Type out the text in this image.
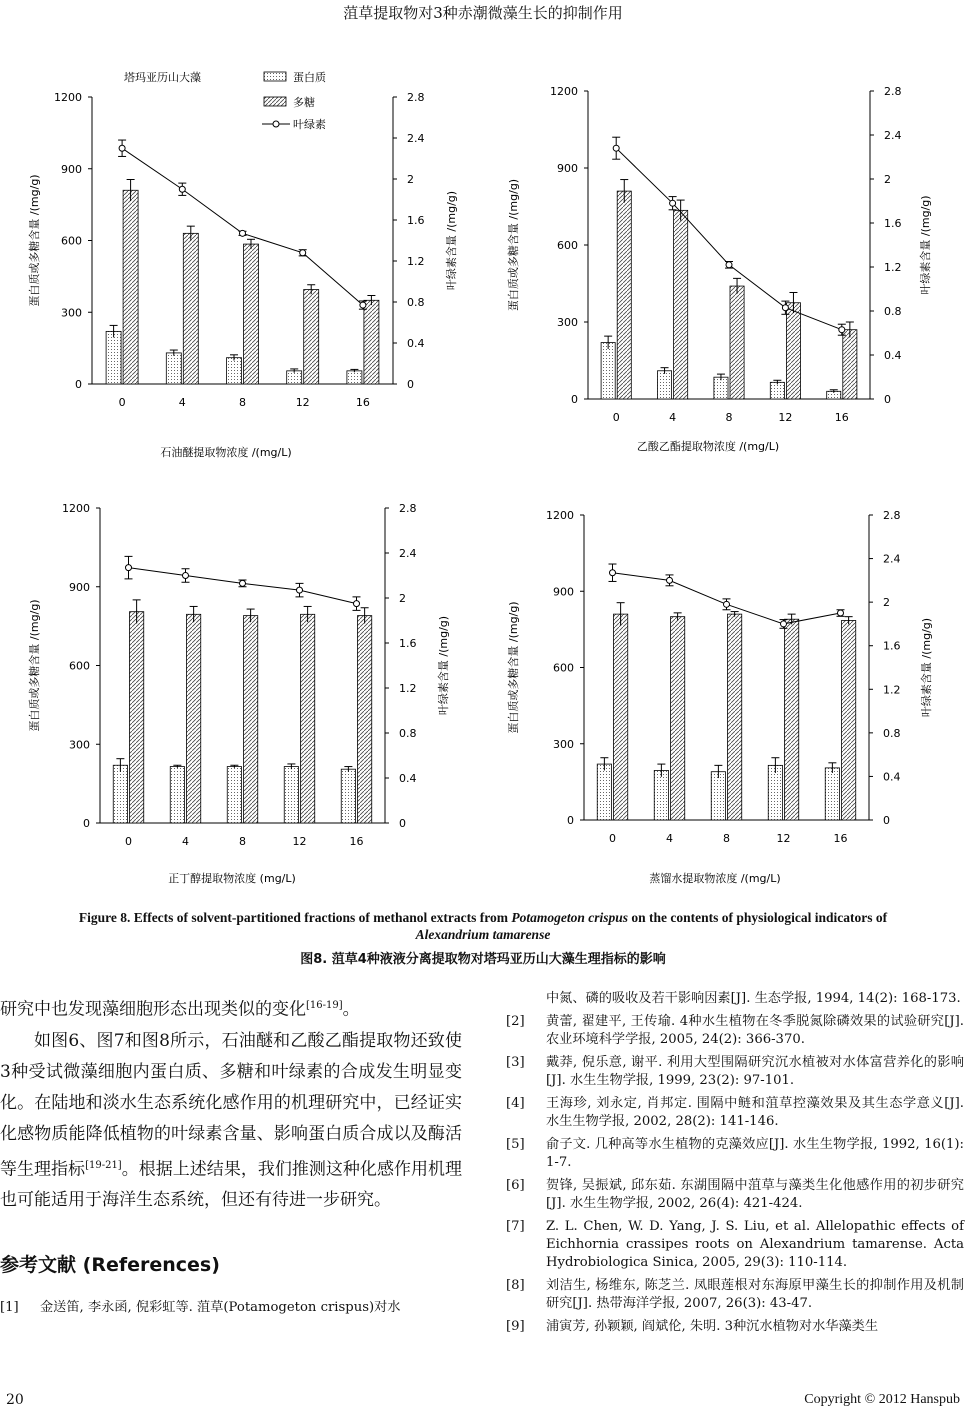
菹草提取物对3种赤潮微藻生长的抑制作用
0
300
600
900
1200
0
0.4
0.8
1.2
1.6
2
2.4
2.8
0	4	8	12	16
蛋白质或多糖含量 /(mg/g)	叶绿素含量 /(mg/g)
石油醚提取物浓度 /(mg/L)
塔玛亚历山大藻	蛋白质
多糖
叶绿素
0
300
600
900
1200
0
0.4
0.8
1.2
1.6
2
2.4
2.8
0	4	8	12	16
蛋白质或多糖含量 /(mg/g)	叶绿素含量 /(mg/g)
乙酸乙酯提取物浓度 /(mg/L)
0
300
600
900
1200
0
0.4
0.8
1.2
1.6
2
2.4
2.8
0	4	8	12	16
蛋白质或多糖含量 /(mg/g)	叶绿素含量 /(mg/g)
正丁醇提取物浓度 (mg/L)
0
300
600
900
1200
0
0.4
0.8
1.2
1.6
2
2.4
2.8
0	4	8	12	16
蛋白质或多糖含量 /(mg/g)	叶绿素含量 /(mg/g)
蒸馏水提取物浓度 /(mg/L)
Figure 8. Effects of solvent-partitioned fractions of methanol extracts from Potamogeton crispus on the contents of physiological indicators of
Alexandrium tamarense
图8. 菹草4种液液分离提取物对塔玛亚历山大藻生理指标的影响

研究中也发现藻细胞形态出现类似的变化[16-19]。

如图6、图7和图8所示，石油醚和乙酸乙酯提取物还致使3种受试微藻细胞内蛋白质、多糖和叶绿素的合成发生明显变化。在陆地和淡水生态系统化感作用的机理研究中，已经证实化感物质能降低植物的叶绿素含量、影响蛋白质合成以及酶活等生理指标[19-21]。根据上述结果，我们推测这种化感作用机理也可能适用于海洋生态系统，但还有待进一步研究。

参考文献 (References)
[1]	金送笛, 李永函, 倪彩虹等. 菹草(Potamogeton crispus)对水
中氮、磷的吸收及若干影响因素[J]. 生态学报, 1994, 14(2): 168-173.
[2]	黄蕾, 翟建平, 王传瑜. 4种水生植物在冬季脱氮除磷效果的试验研究[J]. 农业环境科学学报, 2005, 24(2): 366-370.
[3]	戴莽, 倪乐意, 谢平. 利用大型围隔研究沉水植被对水体富营养化的影响[J]. 水生生物学报, 1999, 23(2): 97-101.
[4]	王海珍, 刘永定, 肖邦定. 围隔中鲢和菹草控藻效果及其生态学意义[J]. 水生生物学报, 2002, 28(2): 141-146.
[5]	俞子文. 几种高等水生植物的克藻效应[J]. 水生生物学报, 1992, 16(1): 1-7.
[6]	贺锋, 吴振斌, 邱东茹. 东湖围隔中菹草与藻类生化他感作用的初步研究[J]. 水生生物学报, 2002, 26(4): 421-424.
[7]	Z. L. Chen, W. D. Yang, J. S. Liu, et al. Allelopathic effects of Eichhornia crassipes roots on Alexandrium tamarense. Acta Hydrobiologica Sinica, 2005, 29(3): 110-114.
[8]	刘洁生, 杨维东, 陈芝兰. 凤眼莲根对东海原甲藻生长的抑制作用及机制研究[J]. 热带海洋学报, 2007, 26(3): 43-47.
[9]	浦寅芳, 孙颖颖, 阎斌伦, 朱明. 3种沉水植物对水华藻类生
20	Copyright © 2012 Hanspub
